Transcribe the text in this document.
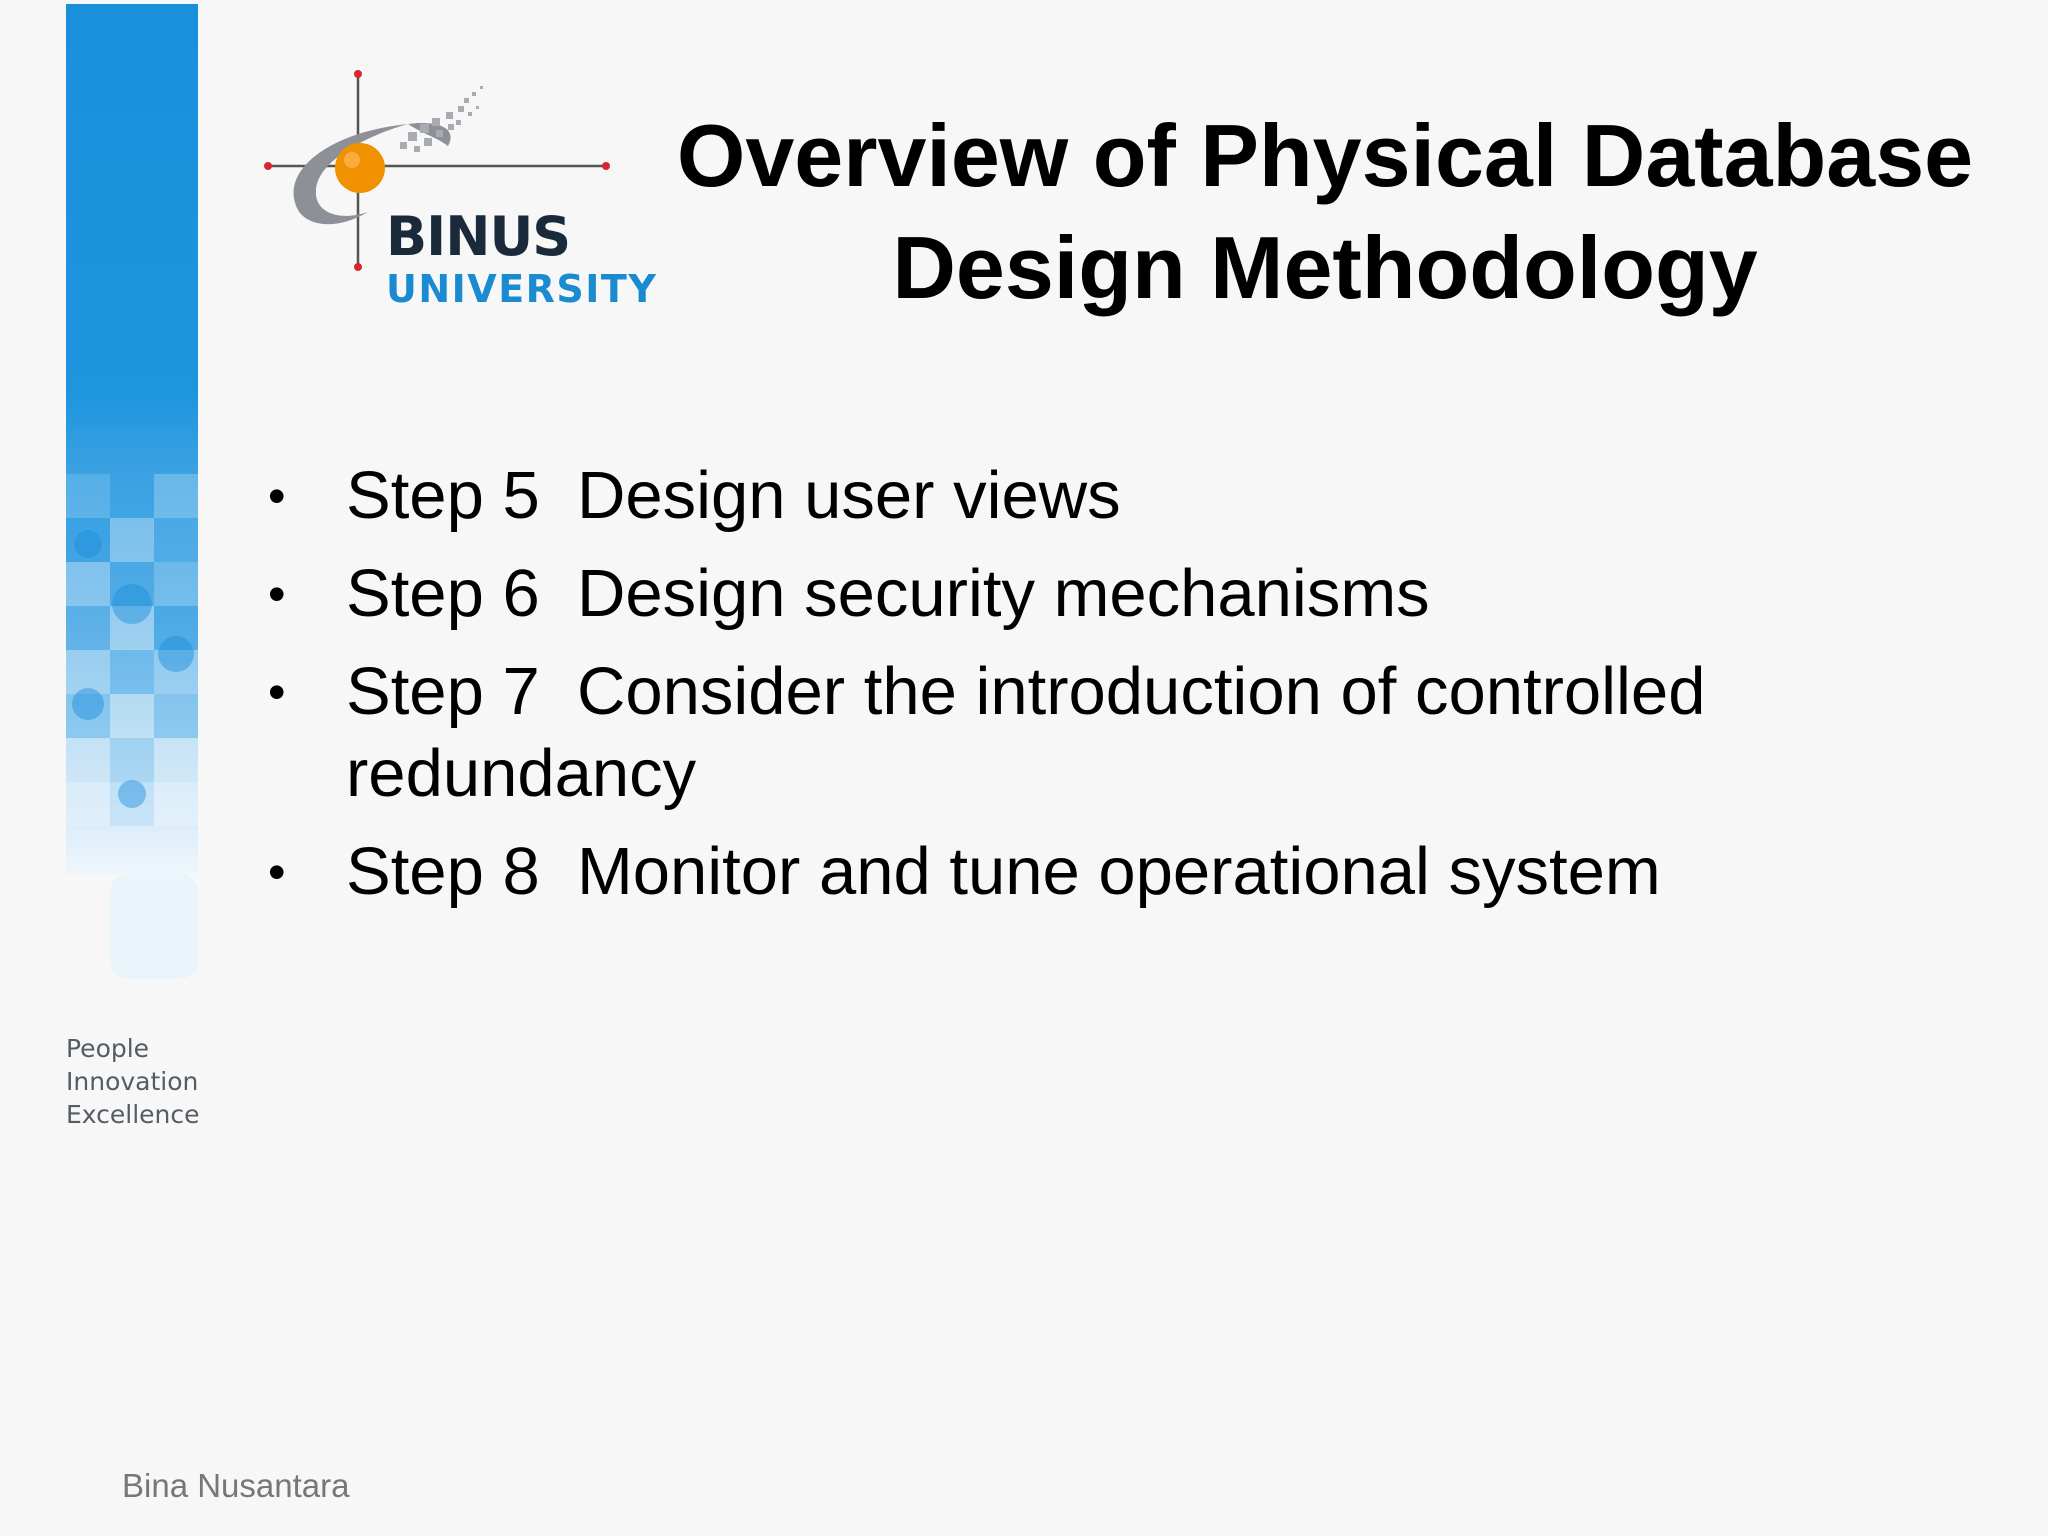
People
Innovation
Excellence
BINUS
UNIVERSITY
Overview of Physical Database
Design Methodology
• Step 5 Design user views
• Step 6 Design security mechanisms
• Step 7 Consider the introduction of controlled redundancy
• Step 8 Monitor and tune operational system
Bina Nusantara
